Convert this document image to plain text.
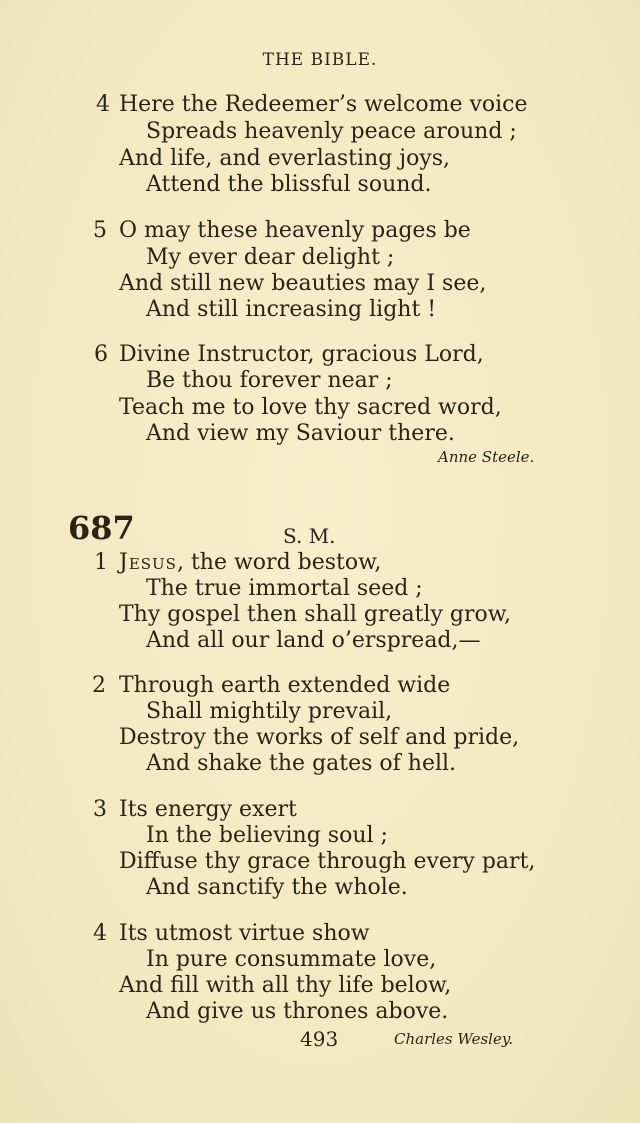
THE BIBLE.
4 Here the Redeemer’s welcome voice
Spreads heavenly peace around ;
And life, and everlasting joys,
Attend the blissful sound.
5 O may these heavenly pages be
My ever dear delight ;
And still new beauties may I see,
And still increasing light !
6 Divine Instructor, gracious Lord,
Be thou forever near ;
Teach me to love thy sacred word,
And view my Saviour there.
Anne Steele.
687	S. M.
1 Jesus, the word bestow,
The true immortal seed ;
Thy gospel then shall greatly grow,
And all our land o’erspread,—
2 Through earth extended wide
Shall mightily prevail,
Destroy the works of self and pride,
And shake the gates of hell.
3 Its energy exert
In the believing soul ;
Diffuse thy grace through every part,
And sanctify the whole.
4 Its utmost virtue show
In pure consummate love,
And fill with all thy life below,
And give us thrones above.
493	Charles Wesley.
